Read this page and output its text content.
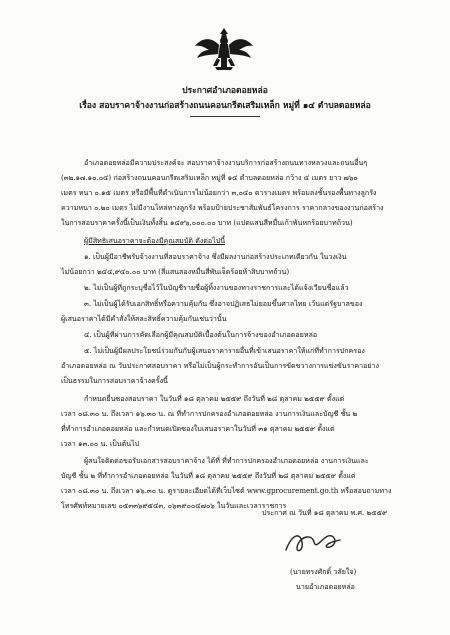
ประกาศอำเภอดอยหล่อ
เรื่อง สอบราคาจ้างงานก่อสร้างถนนคอนกรีตเสริมเหล็ก หมู่ที่ ๑๔ ตำบลดอยหล่อ
อำเภอดอยหล่อมีความประสงค์จะ สอบราคาจ้างงานบริการก่อสร้างถนนทางหลวงและถนนอื่นๆ
(๓๒.๑๗.๑๐.๐๔) ก่อสร้างถนนคอนกรีตเสริมเหล็ก หมู่ที่ ๑๔ ตำบลดอยหล่อ กว้าง ๔ เมตร ยาว ๗๖๐
เมตร หนา ๐.๑๕ เมตร หรือมีพื้นที่ดำเนินการไม่น้อยกว่า ๓,๐๔๐ ตารางเมตร พร้อมลงชั้นรองพื้นทางลูกรัง
ความหนา ๐.๒๐ เมตร ไม่มีงานไหล่ทางลูกรัง พร้อมป้ายประชาสัมพันธ์โครงการ ราคากลางของงานก่อสร้าง
ในการสอบราคาครั้งนี้เป็นเงินทั้งสิ้น ๑๔๙๖,๐๐๐.๐๐ บาท (แปดแสนสี่หมื่นเก้าพันหกร้อยบาทถ้วน)
ผู้มีสิทธิเสนอราคาจะต้องมีคุณสมบัติ ดังต่อไปนี้
๑. เป็นผู้มีอาชีพรับจ้างงานที่สอบราคาจ้าง ซึ่งมีผลงานก่อสร้างประเภทเดียวกัน ในวงเงิน
ไม่น้อยกว่า ๒๔๔,๙๔๐.๐๐ บาท (สี่แสนสองหมื่นสี่พันเจ็ดร้อยห้าสิบบาทถ้วน)
๒. ไม่เป็นผู้ที่ถูกระบุชื่อไว้ในบัญชีรายชื่อผู้ทิ้งงานของทางราชการและได้แจ้งเวียนชื่อแล้ว
๓. ไม่เป็นผู้ได้รับเอกสิทธิ์หรือความคุ้มกัน ซึ่งอาจปฏิเสธไม่ยอมขึ้นศาลไทย เว้นแต่รัฐบาลของ
ผู้เสนอราคาได้มีคำสั่งให้สละสิทธิ์ความคุ้มกันเช่นว่านั้น
๔. เป็นผู้ที่ผ่านการคัดเลือกผู้มีคุณสมบัติเบื้องต้นในการจ้างของอำเภอดอยหล่อ
๕. ไม่เป็นผู้มีผลประโยชน์ร่วมกันกับผู้เสนอราคารายอื่นที่เข้าเสนอราคาให้แก่ที่ทำการปกครอง
อำเภอดอยหล่อ ณ วันประกาศสอบราคา หรือไม่เป็นผู้กระทำการอันเป็นการขัดขวางการแข่งขันราคาอย่าง
เป็นธรรมในการสอบราคาจ้างครั้งนี้
กำหนดยื่นซองสอบราคา ในวันที่ ๑๘ ตุลาคม ๒๕๕๙ ถึงวันที่ ๒๘ ตุลาคม ๒๕๕๙ ตั้งแต่
เวลา ๐๘.๓๐ น. ถึงเวลา ๑๖.๓๐ น. ณ ที่ทำการปกครองอำเภอดอยหล่อ งานการเงินและบัญชี ชั้น ๒
ที่ทำการอำเภอดอยหล่อ และกำหนดเปิดซองใบเสนอราคาในวันที่ ๓๑ ตุลาคม ๒๕๕๙ ตั้งแต่
เวลา ๑๓.๐๐ น. เป็นต้นไป
ผู้สนใจติดต่อขอรับเอกสารสอบราคาจ้าง ได้ที่ ที่ทำการปกครองอำเภอดอยหล่อ งานการเงินและ
บัญชี ชั้น ๒ ที่ทำการอำเภอดอยหล่อ ในวันที่ ๑๘ ตุลาคม ๒๕๕๙ ถึงวันที่ ๒๘ ตุลาคม ๒๕๕๙ ตั้งแต่
เวลา ๐๘.๓๐ น. ถึงเวลา ๑๖.๓๐ น. ดูรายละเอียดได้ที่เว็บไซต์ www.gprocurement.go.th หรือสอบถามทาง
โทรศัพท์หมายเลข ๐๕๓๓๖๙๕๔๓, ๐๖๓๙๐๐๔๗๐๖ ในวันและเวลาราชการ
ประกาศ ณ วันที่ ๑๘ ตุลาคม พ.ศ. ๒๕๕๙
(นายทรงศักดิ์ วลัยใจ)
นายอำเภอดอยหล่อ
